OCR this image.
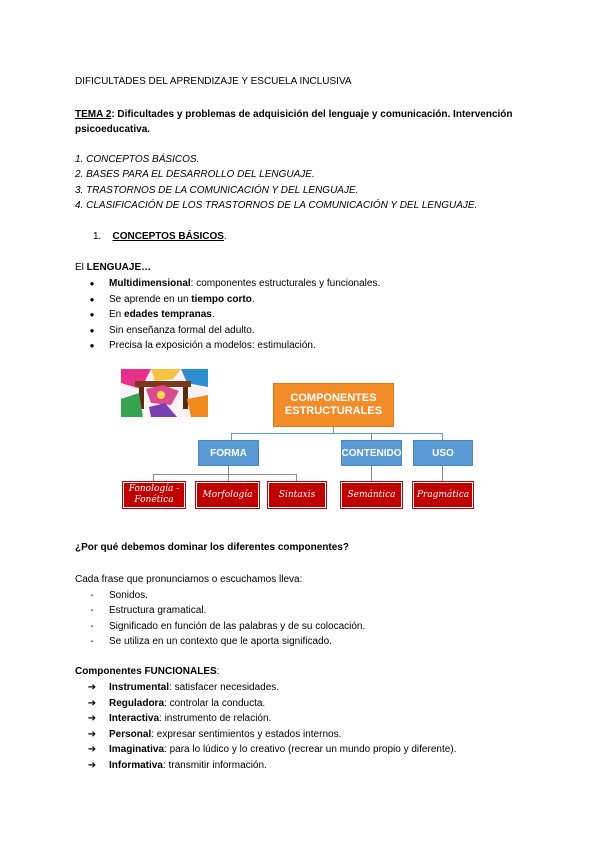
DIFICULTADES DEL APRENDIZAJE Y ESCUELA INCLUSIVA
TEMA 2: Dificultades y problemas de adquisición del lenguaje y comunicación. Intervención
psicoeducativa.
1. CONCEPTOS BÁSICOS.
2. BASES PARA EL DESARROLLO DEL LENGUAJE.
3. TRASTORNOS DE LA COMUNICACIÓN Y DEL LENGUAJE.
4. CLASIFICACIÓN DE LOS TRASTORNOS DE LA COMUNICACIÓN Y DEL LENGUAJE.
1. CONCEPTOS BÁSICOS.
El LENGUAJE…
●	Multidimensional: componentes estructurales y funcionales.
●	Se aprende en un tiempo corto.
●	En edades tempranas.
●	Sin enseñanza formal del adulto.
●	Precisa la exposición a modelos: estimulación.
COMPONENTES
ESTRUCTURALES
FORMA	CONTENIDO	USO
Fonología -
Fonética	Morfología	Sintaxis	Semántica	Pragmática
¿Por qué debemos dominar los diferentes componentes?
Cada frase que pronunciamos o escuchamos lleva:
-	Sonidos.
-	Estructura gramatical.
-	Significado en función de las palabras y de su colocación.
-	Se utiliza en un contexto que le aporta significado.
Componentes FUNCIONALES:
➔ Instrumental: satisfacer necesidades.
➔ Reguladora: controlar la conducta.
➔ Interactiva: instrumento de relación.
➔ Personal: expresar sentimientos y estados internos.
➔ Imaginativa: para lo lúdico y lo creativo (recrear un mundo propio y diferente).
➔ Informativa: transmitir información.
